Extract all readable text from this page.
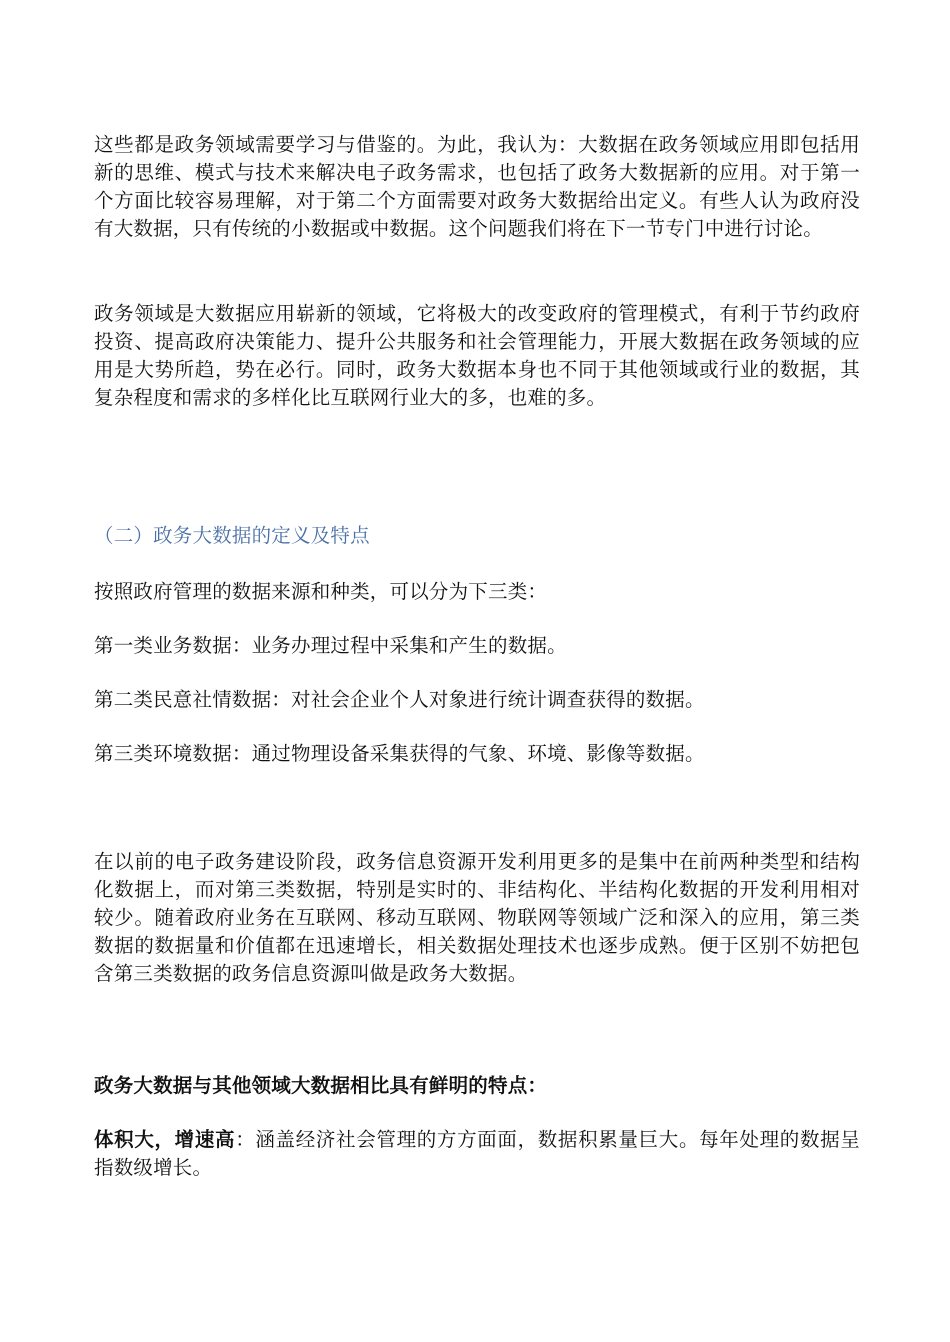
这些都是政务领域需要学习与借鉴的。为此，我认为：大数据在政务领域应用即包括用新的思维、模式与技术来解决电子政务需求，也包括了政务大数据新的应用。对于第一个方面比较容易理解，对于第二个方面需要对政务大数据给出定义。有些人认为政府没有大数据，只有传统的小数据或中数据。这个问题我们将在下一节专门中进行讨论。

政务领域是大数据应用崭新的领域，它将极大的改变政府的管理模式，有利于节约政府投资、提高政府决策能力、提升公共服务和社会管理能力，开展大数据在政务领域的应用是大势所趋，势在必行。同时，政务大数据本身也不同于其他领域或行业的数据，其复杂程度和需求的多样化比互联网行业大的多，也难的多。

（二）政务大数据的定义及特点

按照政府管理的数据来源和种类，可以分为下三类：

第一类业务数据：业务办理过程中采集和产生的数据。

第二类民意社情数据：对社会企业个人对象进行统计调查获得的数据。

第三类环境数据：通过物理设备采集获得的气象、环境、影像等数据。

在以前的电子政务建设阶段，政务信息资源开发利用更多的是集中在前两种类型和结构化数据上，而对第三类数据，特别是实时的、非结构化、半结构化数据的开发利用相对较少。随着政府业务在互联网、移动互联网、物联网等领域广泛和深入的应用，第三类数据的数据量和价值都在迅速增长，相关数据处理技术也逐步成熟。便于区别不妨把包含第三类数据的政务信息资源叫做是政务大数据。

政务大数据与其他领域大数据相比具有鲜明的特点：

体积大，增速高：涵盖经济社会管理的方方面面，数据积累量巨大。每年处理的数据呈指数级增长。
